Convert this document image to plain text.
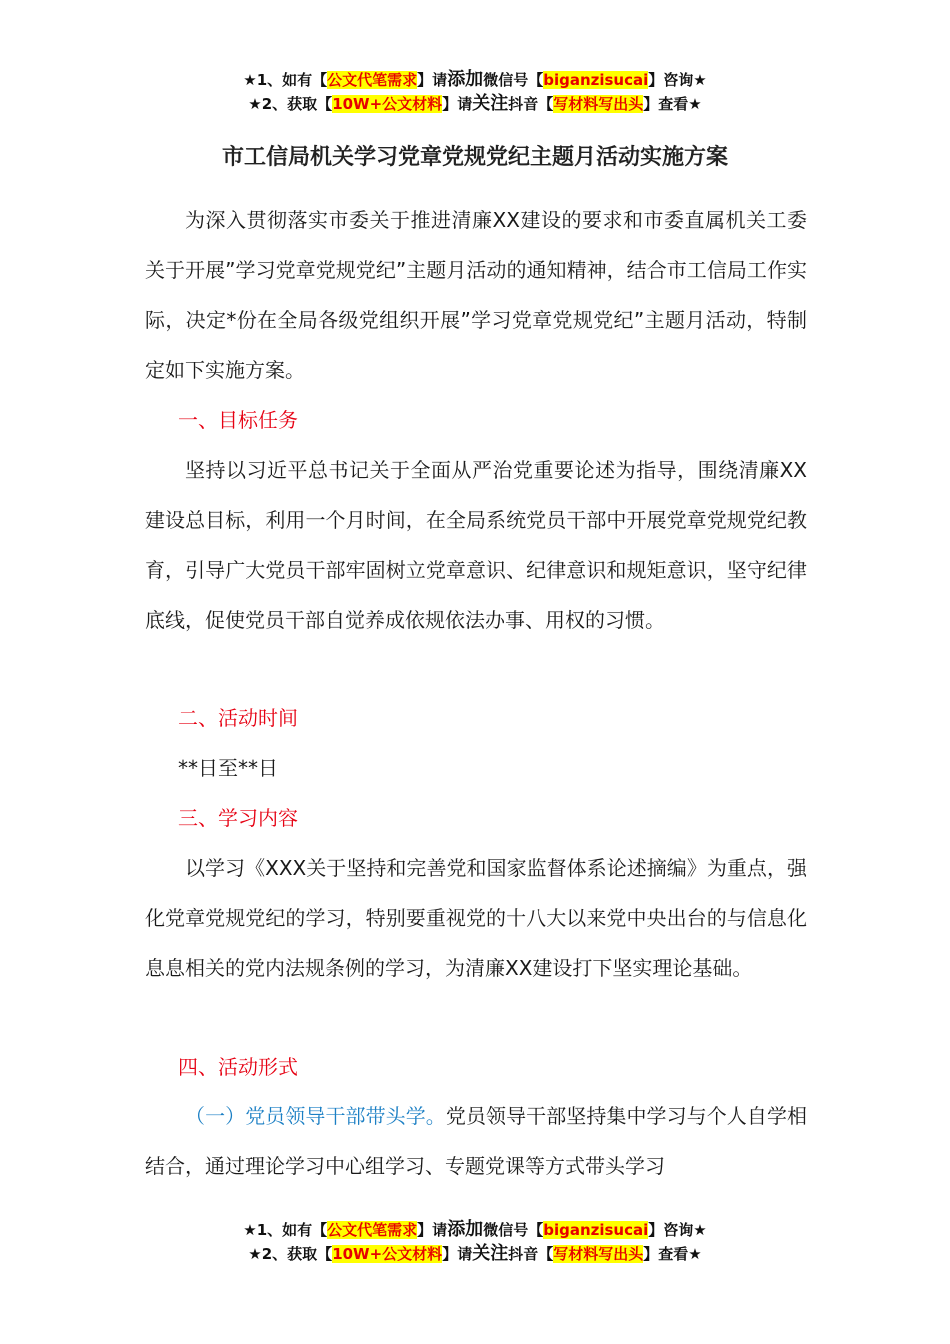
★1、如有【公文代笔需求】请添加微信号【biganzisucai】咨询★
★2、获取【10W+公文材料】请关注抖音【写材料写出头】查看★
市工信局机关学习党章党规党纪主题月活动实施方案

为深入贯彻落实市委关于推进清廉XX建设的要求和市委直属机关工委关于开展”学习党章党规党纪”主题月活动的通知精神，结合市工信局工作实际，决定*份在全局各级党组织开展”学习党章党规党纪”主题月活动，特制定如下实施方案。

一、目标任务

坚持以习近平总书记关于全面从严治党重要论述为指导，围绕清廉XX建设总目标，利用一个月时间，在全局系统党员干部中开展党章党规党纪教育，引导广大党员干部牢固树立党章意识、纪律意识和规矩意识，坚守纪律底线，促使党员干部自觉养成依规依法办事、用权的习惯。

二、活动时间

**日至**日

三、学习内容

以学习《XXX关于坚持和完善党和国家监督体系论述摘编》为重点，强化党章党规党纪的学习，特别要重视党的十八大以来党中央出台的与信息化息息相关的党内法规条例的学习，为清廉XX建设打下坚实理论基础。

四、活动形式

（一）党员领导干部带头学。党员领导干部坚持集中学习与个人自学相结合，通过理论学习中心组学习、专题党课等方式带头学习

★1、如有【公文代笔需求】请添加微信号【biganzisucai】咨询★
★2、获取【10W+公文材料】请关注抖音【写材料写出头】查看★
